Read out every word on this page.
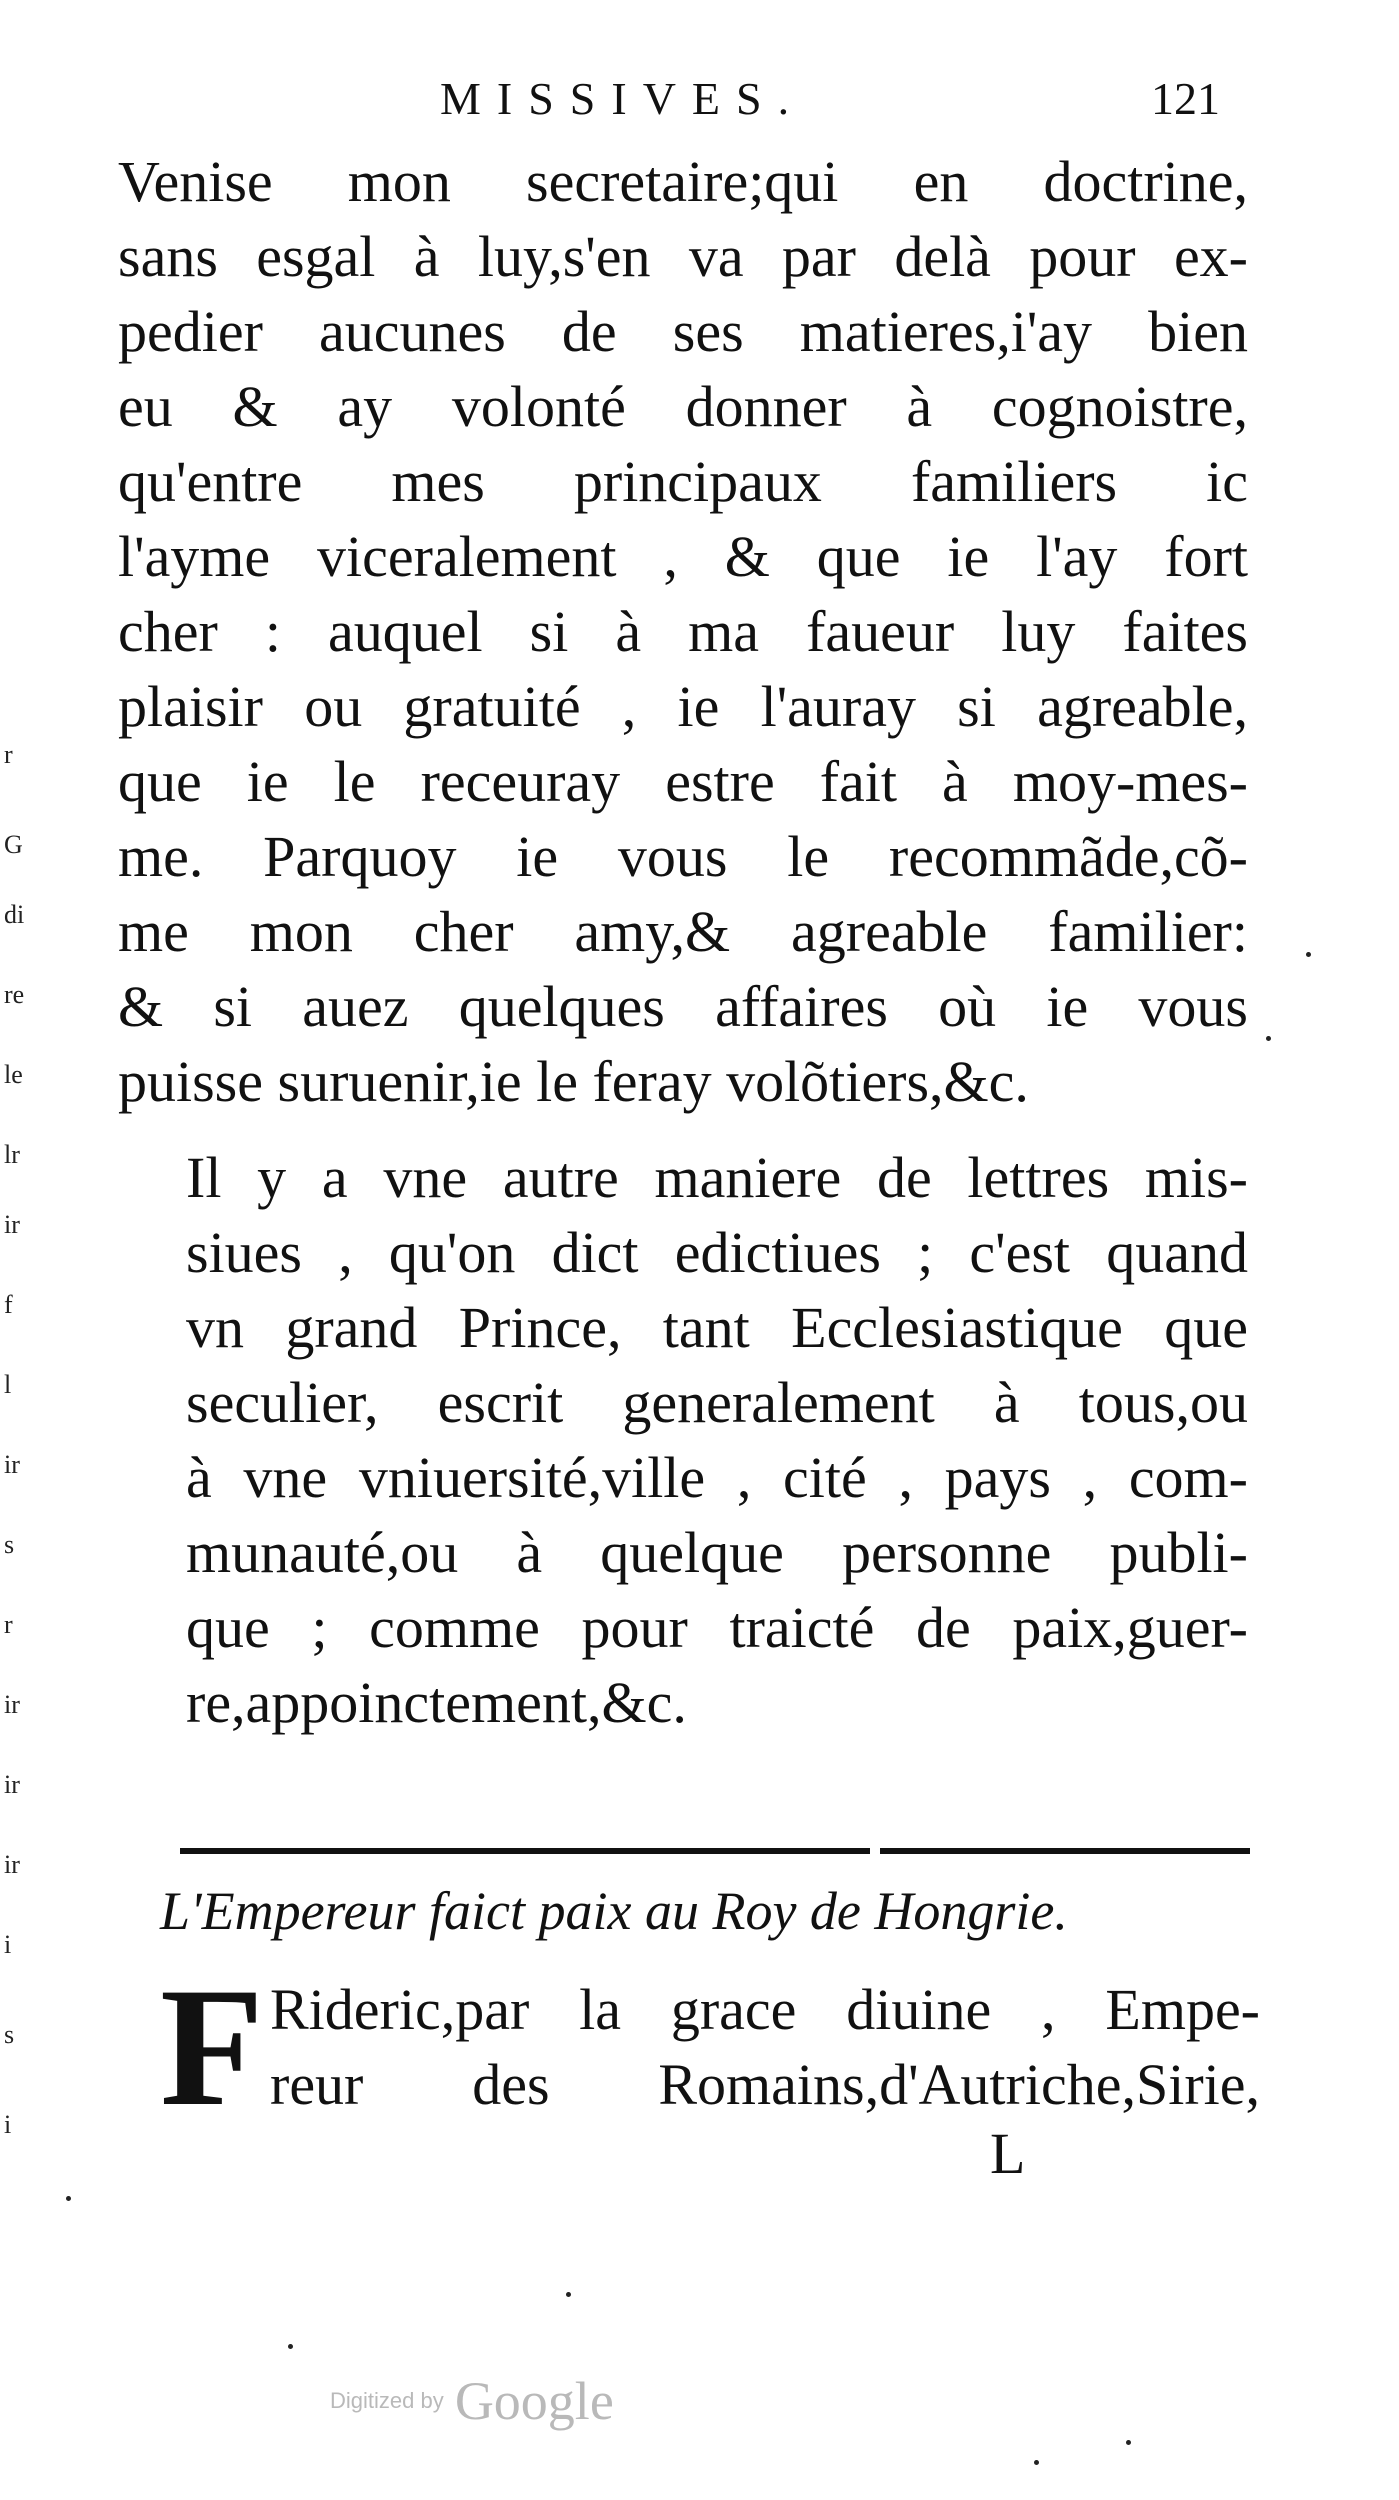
r
G
di
re
le
lr
ir
f
l
ir
s
r
ir
ir
ir
i
s
i
MISSIVES.	121
Venise mon secretaire;qui en doctrine,
sans esgal à luy,s'en va par delà pour ex-
pedier aucunes de ses matieres,i'ay bien
eu & ay volonté donner à cognoistre,
qu'entre mes principaux familiers ic
l'ayme viceralement , & que ie l'ay fort
cher : auquel si à ma faueur luy faites
plaisir ou gratuité , ie l'auray si agreable,
que ie le receuray estre fait à moy-mes-
me. Parquoy ie vous le recommãde,cõ-
me mon cher amy,& agreable familier:
& si auez quelques affaires où ie vous
puisse suruenir,ie le feray volõtiers,&c.
Il y a vne autre maniere de lettres mis-
siues , qu'on dict edictiues ; c'est quand
vn grand Prince, tant Ecclesiastique que
seculier, escrit generalement à tous,ou
à vne vniuersité,ville , cité , pays , com-
munauté,ou à quelque personne publi-
que ; comme pour traicté de paix,guer-
re,appoinctement,&c.
L'Empereur faict paix au Roy de Hongrie.
F Rideric,par la grace diuine , Empe-
reur des Romains,d'Autriche,Sirie,
L
Digitized by Google
